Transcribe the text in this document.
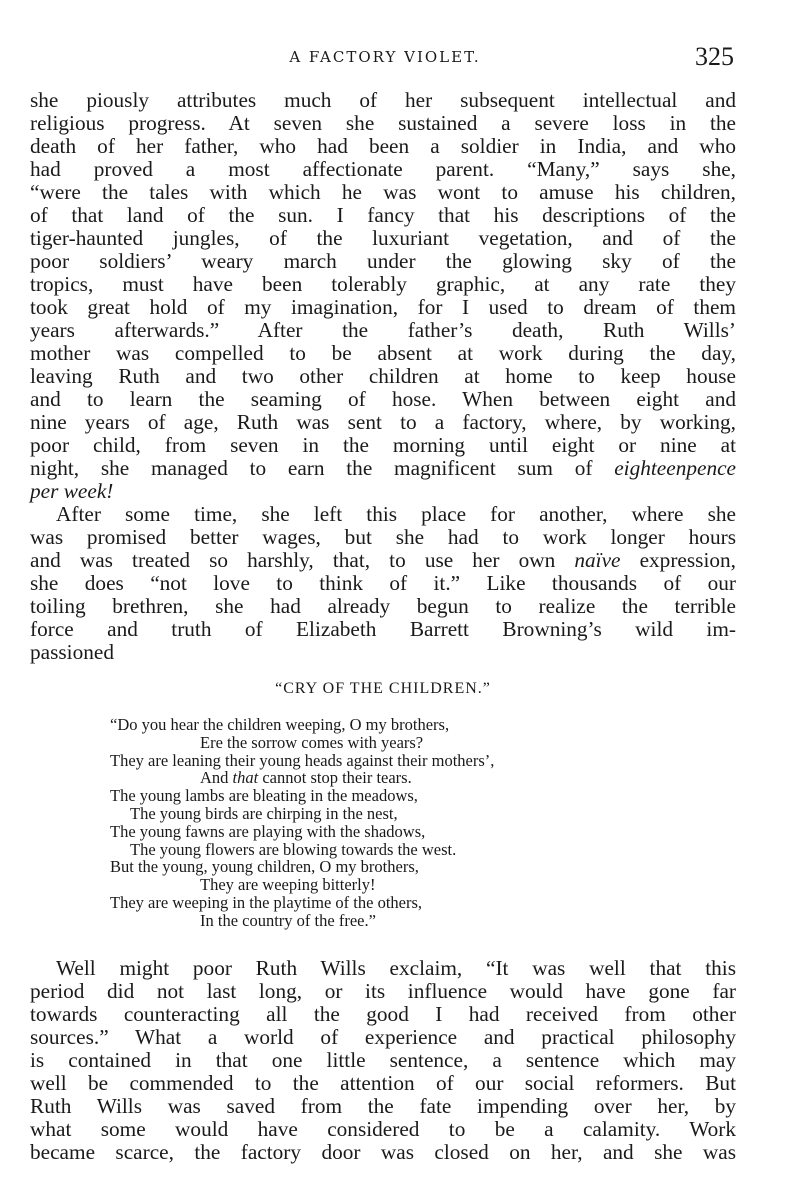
A FACTORY VIOLET.	325

she piously attributes much of her subsequent intellectual and

religious progress. At seven she sustained a severe loss in the

death of her father, who had been a soldier in India, and who

had proved a most affectionate parent. “Many,” says she,

“were the tales with which he was wont to amuse his children,

of that land of the sun. I fancy that his descriptions of the

tiger-haunted jungles, of the luxuriant vegetation, and of the

poor soldiers’ weary march under the glowing sky of the

tropics, must have been tolerably graphic, at any rate they

took great hold of my imagination, for I used to dream of them

years afterwards.” After the father’s death, Ruth Wills’

mother was compelled to be absent at work during the day,

leaving Ruth and two other children at home to keep house

and to learn the seaming of hose. When between eight and

nine years of age, Ruth was sent to a factory, where, by working,

poor child, from seven in the morning until eight or nine at

night, she managed to earn the magnificent sum of eighteenpence

per week!

After some time, she left this place for another, where she

was promised better wages, but she had to work longer hours

and was treated so harshly, that, to use her own naïve expression,

she does “not love to think of it.” Like thousands of our

toiling brethren, she had already begun to realize the terrible

force and truth of Elizabeth Barrett Browning’s wild im-

passioned

“CRY OF THE CHILDREN.”
“Do you hear the children weeping, O my brothers,
Ere the sorrow comes with years?
They are leaning their young heads against their mothers’,
And that cannot stop their tears.
The young lambs are bleating in the meadows,
The young birds are chirping in the nest,
The young fawns are playing with the shadows,
The young flowers are blowing towards the west.
But the young, young children, O my brothers,
They are weeping bitterly!
They are weeping in the playtime of the others,
In the country of the free.”

Well might poor Ruth Wills exclaim, “It was well that this

period did not last long, or its influence would have gone far

towards counteracting all the good I had received from other

sources.” What a world of experience and practical philosophy

is contained in that one little sentence, a sentence which may

well be commended to the attention of our social reformers. But

Ruth Wills was saved from the fate impending over her, by

what some would have considered to be a calamity. Work

became scarce, the factory door was closed on her, and she was
